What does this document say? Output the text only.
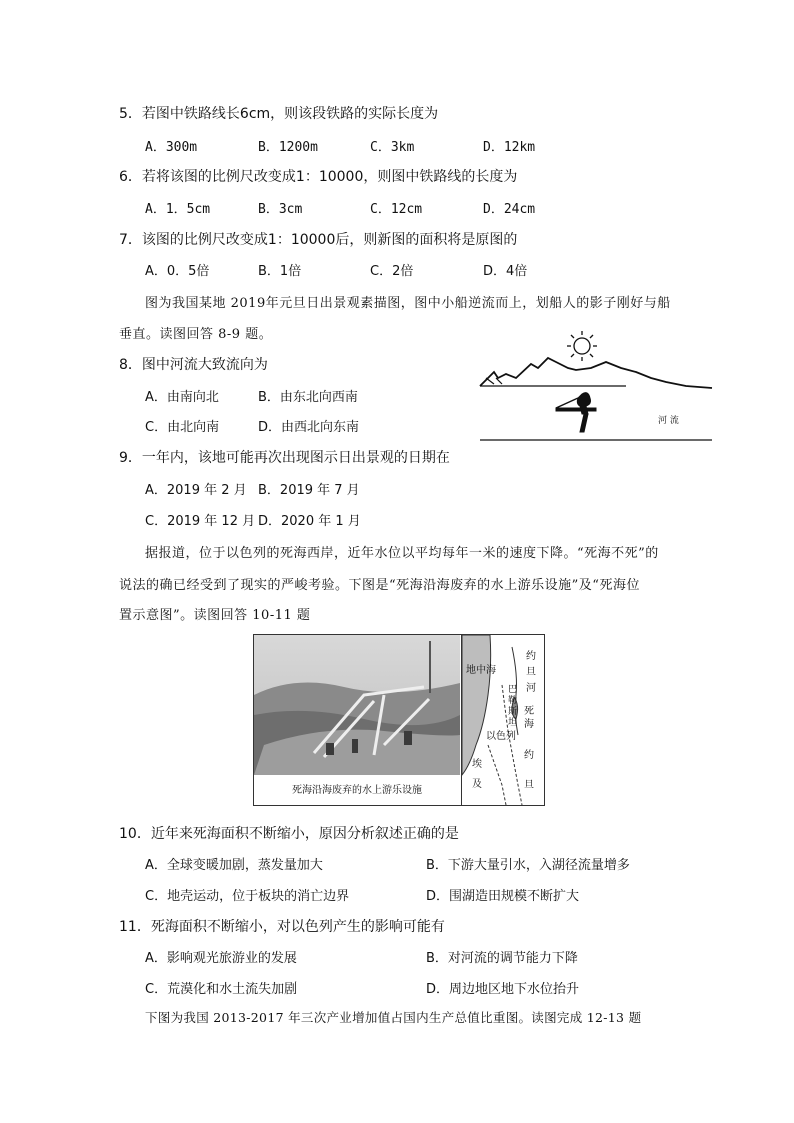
5．若图中铁路线长6cm，则该段铁路的实际长度为
A．300m	B．1200m	C．3km	D．12km
6．若将该图的比例尺改变成1：10000，则图中铁路线的长度为
A．1．5cm	B．3cm	C．12cm	D．24cm
7．该图的比例尺改变成1：10000后，则新图的面积将是原图的
A．0．5倍	B．1倍	C．2倍	D．4倍
图为我国某地 2019年元旦日出景观素描图，图中小船逆流而上，划船人的影子刚好与船
垂直。读图回答 8-9 题。
8．图中河流大致流向为
A．由南向北	B．由东北向西南
C．由北向南	D．由西北向东南	河 流
9．一年内，该地可能再次出现图示日出景观的日期在
A．2019 年 2 月 B．2019 年 7 月
C．2019 年 12 月 D．2020 年 1 月
据报道，位于以色列的死海西岸，近年水位以平均每年一米的速度下降。“死海不死”的
说法的确已经受到了现实的严峻考验。下图是“死海沿海废弃的水上游乐设施”及“死海位
置示意图”。读图回答 10-11 题
死海沿海废弃的水上游乐设施
地中海
约旦河
巴勒斯坦
死海
以色列
约旦
埃及
10．近年来死海面积不断缩小，原因分析叙述正确的是
A．全球变暖加剧，蒸发量加大	B．下游大量引水，入湖径流量增多
C．地壳运动，位于板块的消亡边界	D．围湖造田规模不断扩大
11．死海面积不断缩小，对以色列产生的影响可能有
A．影响观光旅游业的发展	B．对河流的调节能力下降
C．荒漠化和水土流失加剧	D．周边地区地下水位抬升
下图为我国 2013-2017 年三次产业增加值占国内生产总值比重图。读图完成 12-13 题
